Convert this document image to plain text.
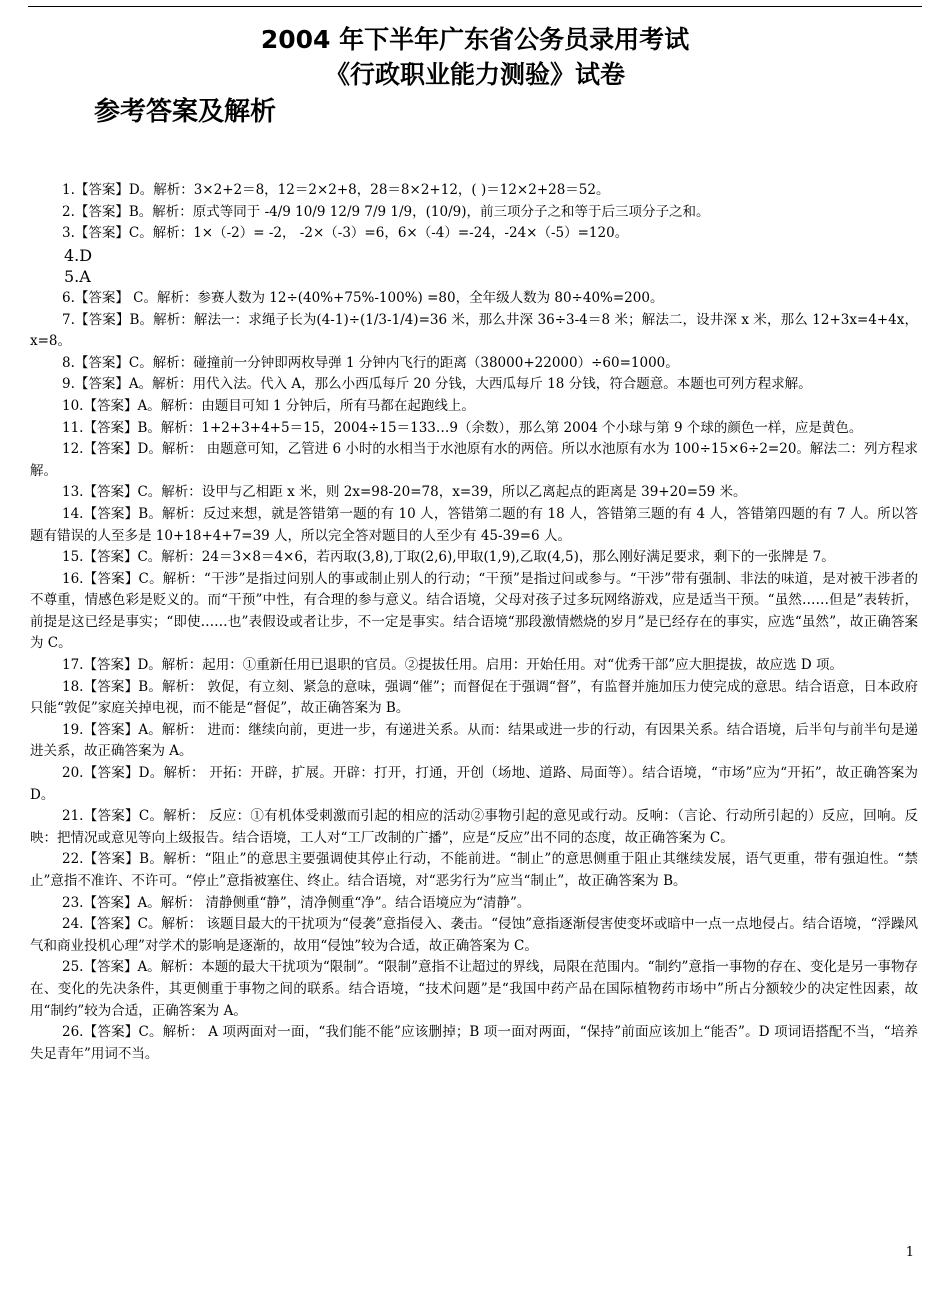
2004 年下半年广东省公务员录用考试
《行政职业能力测验》试卷
参考答案及解析

1.【答案】D。解析：3×2+2＝8，12＝2×2+8，28＝8×2+12，( )＝12×2+28＝52。

2.【答案】B。解析：原式等同于 -4/9 10/9 12/9 7/9 1/9，(10/9)，前三项分子之和等于后三项分子之和。

3.【答案】C。解析：1×（-2）= -2， -2×（-3）=6，6×（-4）=-24，-24×（-5）=120。

4.D

5.A

6.【答案】 C。解析：参赛人数为 12÷(40%+75%-100%) =80，全年级人数为 80÷40%=200。

7.【答案】B。解析：解法一：求绳子长为(4-1)÷(1/3-1/4)=36 米，那么井深 36÷3-4＝8 米；解法二，设井深 x 米，那么 12+3x=4+4x，x=8。

8.【答案】C。解析：碰撞前一分钟即两枚导弹 1 分钟内飞行的距离（38000+22000）÷60=1000。

9.【答案】A。解析：用代入法。代入 A，那么小西瓜每斤 20 分钱，大西瓜每斤 18 分钱，符合题意。本题也可列方程求解。

10.【答案】A。解析：由题目可知 1 分钟后，所有马都在起跑线上。

11.【答案】B。解析：1+2+3+4+5＝15，2004÷15＝133…9（余数），那么第 2004 个小球与第 9 个球的颜色一样，应是黄色。

12.【答案】D。解析： 由题意可知，乙管进 6 小时的水相当于水池原有水的两倍。所以水池原有水为 100÷15×6÷2=20。解法二：列方程求解。

13.【答案】C。解析：设甲与乙相距 x 米，则 2x=98-20=78，x=39，所以乙离起点的距离是 39+20=59 米。

14.【答案】B。解析：反过来想，就是答错第一题的有 10 人，答错第二题的有 18 人，答错第三题的有 4 人，答错第四题的有 7 人。所以答题有错误的人至多是 10+18+4+7=39 人，所以完全答对题目的人至少有 45-39=6 人。

15.【答案】C。解析：24＝3×8＝4×6，若丙取(3,8),丁取(2,6),甲取(1,9),乙取(4,5)，那么刚好满足要求，剩下的一张牌是 7。

16.【答案】C。解析：“干涉”是指过问别人的事或制止别人的行动；“干预”是指过问或参与。“干涉”带有强制、非法的味道，是对被干涉者的不尊重，情感色彩是贬义的。而“干预”中性，有合理的参与意义。结合语境，父母对孩子过多玩网络游戏，应是适当干预。“虽然……但是”表转折，前提是这已经是事实；“即使……也”表假设或者让步，不一定是事实。结合语境“那段激情燃烧的岁月”是已经存在的事实，应选“虽然”，故正确答案为 C。

17.【答案】D。解析：起用：①重新任用已退职的官员。②提拔任用。启用：开始任用。对“优秀干部”应大胆提拔，故应选 D 项。

18.【答案】B。解析： 敦促，有立刻、紧急的意味，强调“催”；而督促在于强调“督”，有监督并施加压力使完成的意思。结合语意，日本政府只能“敦促”家庭关掉电视，而不能是“督促”，故正确答案为 B。

19.【答案】A。解析： 进而：继续向前，更进一步，有递进关系。从而：结果或进一步的行动，有因果关系。结合语境，后半句与前半句是递进关系，故正确答案为 A。

20.【答案】D。解析： 开拓：开辟，扩展。开辟：打开，打通，开创（场地、道路、局面等）。结合语境，“市场”应为“开拓”，故正确答案为 D。

21.【答案】C。解析： 反应：①有机体受刺激而引起的相应的活动②事物引起的意见或行动。反响：（言论、行动所引起的）反应，回响。反映：把情况或意见等向上级报告。结合语境，工人对“工厂改制的广播”，应是“反应”出不同的态度，故正确答案为 C。

22.【答案】B。解析：“阻止”的意思主要强调使其停止行动，不能前进。“制止”的意思侧重于阻止其继续发展，语气更重，带有强迫性。“禁止”意指不准许、不许可。“停止”意指被塞住、终止。结合语境，对“恶劣行为”应当“制止”，故正确答案为 B。

23.【答案】A。解析： 清静侧重“静”，清净侧重“净”。结合语境应为“清静”。

24.【答案】C。解析： 该题目最大的干扰项为“侵袭”意指侵入、袭击。“侵蚀”意指逐渐侵害使变坏或暗中一点一点地侵占。结合语境，“浮躁风气和商业投机心理”对学术的影响是逐渐的，故用“侵蚀”较为合适，故正确答案为 C。

25.【答案】A。解析：本题的最大干扰项为“限制”。“限制”意指不让超过的界线，局限在范围内。“制约”意指一事物的存在、变化是另一事物存在、变化的先决条件，其更侧重于事物之间的联系。结合语境，“技术问题”是“我国中药产品在国际植物药市场中”所占分额较少的决定性因素，故用“制约”较为合适，正确答案为 A。

26.【答案】C。解析： A 项两面对一面，“我们能不能”应该删掉；B 项一面对两面，“保持”前面应该加上“能否”。D 项词语搭配不当，“培养失足青年”用词不当。

1
